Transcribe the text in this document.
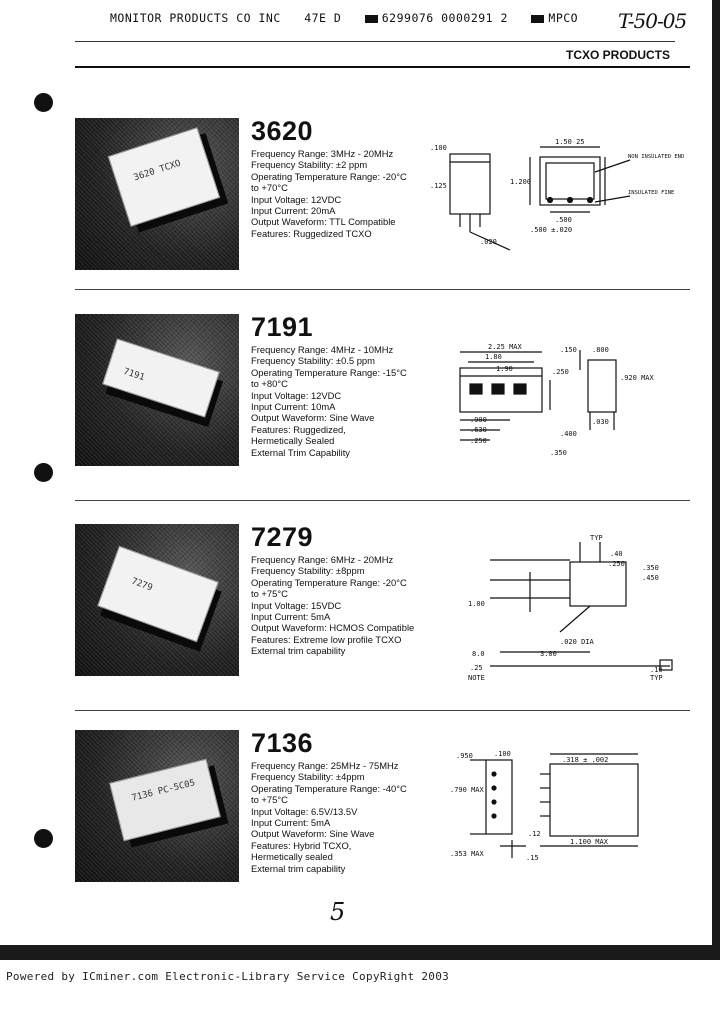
MONITOR PRODUCTS CO INC 47E D	6299076 0000291 2	MPCO	T-50-05
TCXO PRODUCTS
3620 TCXO
3620
Frequency Range: 3MHz - 20MHz
Frequency Stability: ±2 ppm
Operating Temperature Range: -20°C
to +70°C
Input Voltage: 12VDC
Input Current: 20mA
Output Waveform: TTL Compatible
Features: Ruggedized TCXO
1.50 25
.100
.125	1.200
.500
.020
NON INSULATED END
INSULATED FINE
.500 ±.020
7191
7191
Frequency Range: 4MHz - 10MHz
Frequency Stability: ±0.5 ppm
Operating Temperature Range: -15°C
to +80°C
Input Voltage: 12VDC
Input Current: 10mA
Output Waveform: Sine Wave
Features: Ruggedized,
Hermetically Sealed
External Trim Capability
2.25 MAX
1.80
1.90
.150 .800
.250
.920 MAX
.900
.630	.400
.030
.250
.350
7279
7279
Frequency Range: 6MHz - 20MHz
Frequency Stability: ±8ppm
Operating Temperature Range: -20°C
to +75°C
Input Voltage: 15VDC
Input Current: 5mA
Output Waveform: HCMOS Compatible
Features: Extreme low profile TCXO
External trim capability
TYP
.40
.250 .350
.450
1.00
.020 DIA
8.0	3.00
.25
NOTE
.10
TYP
7136 PC-5C05
7136
Frequency Range: 25MHz - 75MHz
Frequency Stability: ±4ppm
Operating Temperature Range: -40°C
to +75°C
Input Voltage: 6.5V/13.5V
Input Current: 5mA
Output Waveform: Sine Wave
Features: Hybrid TCXO,
Hermetically sealed
External trim capability
.950	.100
.318 ± .002
.790 MAX
.12
1.100 MAX
.353 MAX	.15
5
Powered by ICminer.com Electronic-Library Service CopyRight 2003
